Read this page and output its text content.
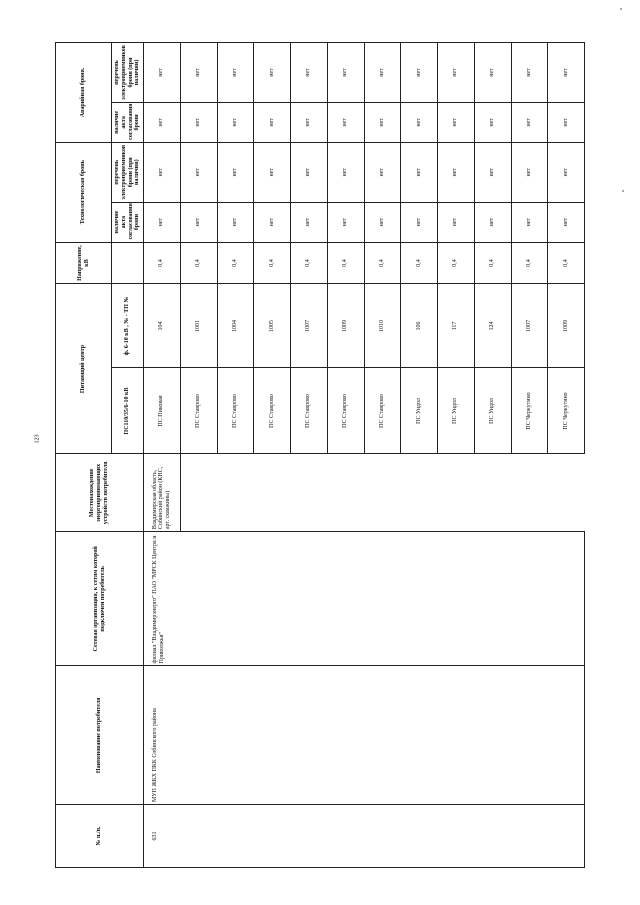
123
№ п./п.	Наименование потребителя	Сетевая организация, к сетям которой подключен потребитель	Местонахождение энергопринимающих устройств потребителя	Питающий центр		Напряжение, кВ	Технологическая бронь		Аварийная броня.	
				ПС110/35/6-10 кВ	ф. 6-10 кВ , № - ТП №		наличие акта согласования брони	перечень электроприемников брони (при наличии)	наличие акта согласования брони	перечень электроприемников брони (при наличии)
631	МУП ЖКХ ПКК Собинского района	филиал "Владимирэнерго" ПАО "МРСК Центра и Приволжья"	Владимирская область, Собинский район (КНС, арт. скважины)	ПС Пиковая	104	0,4	нет	нет	нет	нет
				ПС Ставрово	1001	0,4	нет	нет	нет	нет
				ПС Ставрово	1004	0,4	нет	нет	нет	нет
				ПС Ставрово	1005	0,4	нет	нет	нет	нет
				ПС Ставрово	1007	0,4	нет	нет	нет	нет
				ПС Ставрово	1009	0,4	нет	нет	нет	нет
				ПС Ставрово	1010	0,4	нет	нет	нет	нет
				ПС Ундол	106	0,4	нет	нет	нет	нет
				ПС Ундол	117	0,4	нет	нет	нет	нет
				ПС Ундол	124	0,4	нет	нет	нет	нет
				ПС Черкутино	1007	0,4	нет	нет	нет	нет
				ПС Черкутино	1009	0,4	нет	нет	нет	нет
